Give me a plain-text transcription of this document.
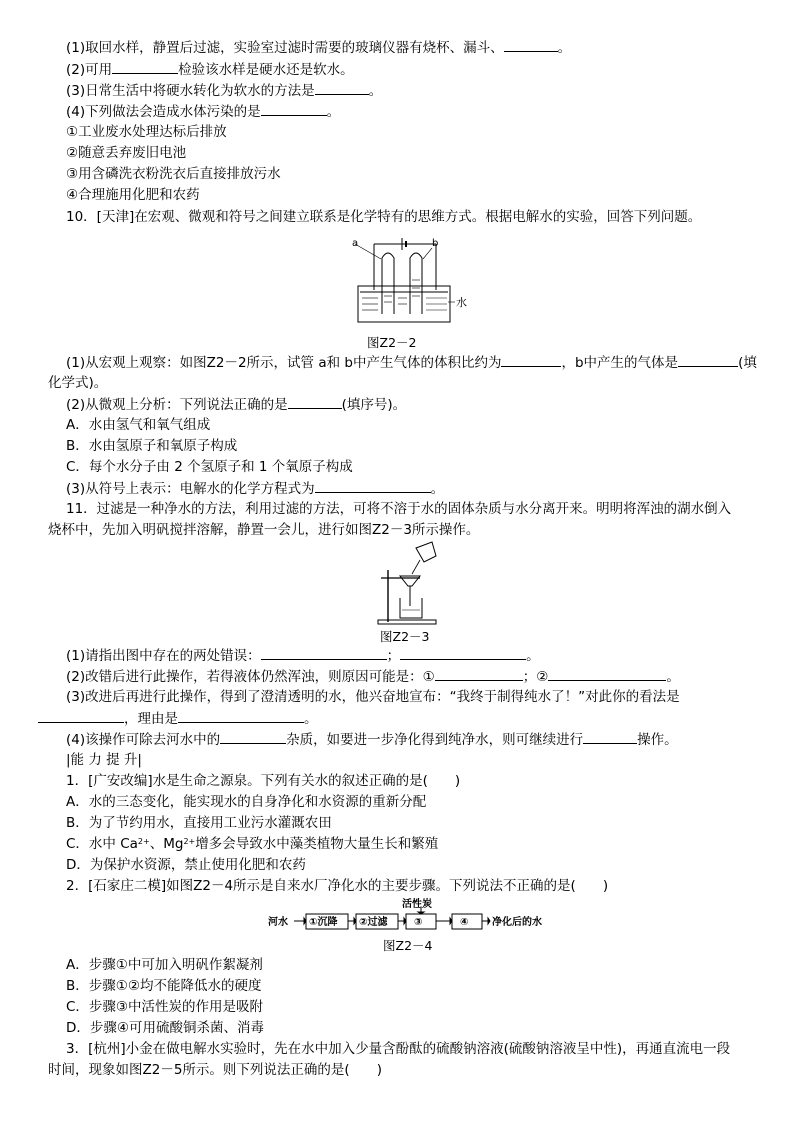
(1)取回水样，静置后过滤，实验室过滤时需要的玻璃仪器有烧杯、漏斗、	。
(2)可用	检验该水样是硬水还是软水。
(3)日常生活中将硬水转化为软水的方法是	。
(4)下列做法会造成水体污染的是	。
①工业废水处理达标后排放
②随意丢弃废旧电池
③用含磷洗衣粉洗衣后直接排放污水
④合理施用化肥和农药
10．[天津]在宏观、微观和符号之间建立联系是化学特有的思维方式。根据电解水的实验，回答下列问题。
a	b
水
图Z2－2
(1)从宏观上观察：如图Z2－2所示，试管 a和 b中产生气体的体积比约为	，b中产生的气体是	(填
化学式)。
(2)从微观上分析：下列说法正确的是	(填序号)。
A．水由氢气和氧气组成
B．水由氢原子和氧原子构成
C．每个水分子由 2 个氢原子和 1 个氧原子构成
(3)从符号上表示：电解水的化学方程式为	。
11．过滤是一种净水的方法，利用过滤的方法，可将不溶于水的固体杂质与水分离开来。明明将浑浊的湖水倒入
烧杯中，先加入明矾搅拌溶解，静置一会儿，进行如图Z2－3所示操作。
图Z2－3
(1)请指出图中存在的两处错误：	；	。
(2)改错后进行此操作，若得液体仍然浑浊，则原因可能是：①	；②	。
(3)改进后再进行此操作，得到了澄清透明的水，他兴奋地宣布：“我终于制得纯水了！”对此你的看法是
，理由是	。
(4)该操作可除去河水中的	杂质，如要进一步净化得到纯净水，则可继续进行	操作。
|能 力 提 升|
1．[广安改编]水是生命之源泉。下列有关水的叙述正确的是(　　)
A．水的三态变化，能实现水的自身净化和水资源的重新分配
B．为了节约用水，直接用工业污水灌溉农田
C．水中 $Ca^{2+}$、$Mg^{2+}$增多会导致水中藻类植物大量生长和繁殖
D．为保护水资源，禁止使用化肥和农药
2．[石家庄二模]如图Z2－4所示是自来水厂净化水的主要步骤。下列说法不正确的是(　　)
活性炭
河水 ①沉降 ②过滤	③	④ 净化后的水
图Z2－4
A．步骤①中可加入明矾作絮凝剂
B．步骤①②均不能降低水的硬度
C．步骤③中活性炭的作用是吸附
D．步骤④可用硫酸铜杀菌、消毒
3．[杭州]小金在做电解水实验时，先在水中加入少量含酚酞的硫酸钠溶液(硫酸钠溶液呈中性)，再通直流电一段
时间，现象如图Z2－5所示。则下列说法正确的是(　　)
